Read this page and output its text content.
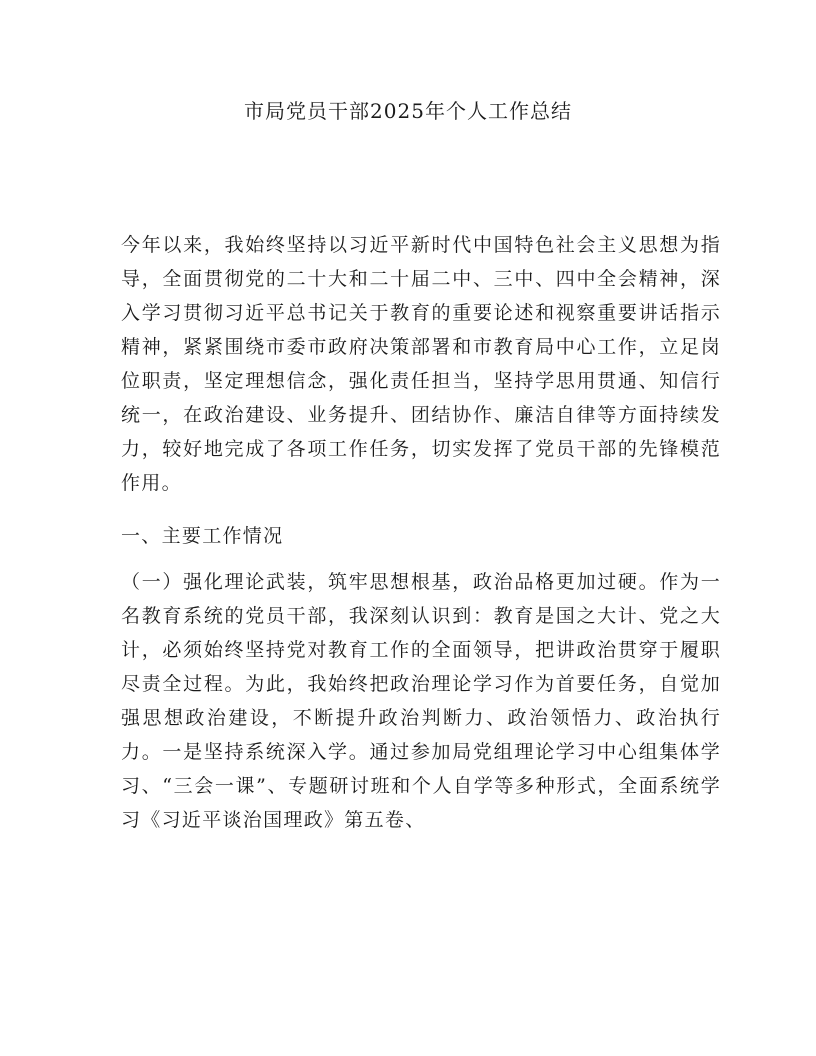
市局党员干部2025年个人工作总结

今年以来，我始终坚持以习近平新时代中国特色社会主义思想为指导，全面贯彻党的二十大和二十届二中、三中、四中全会精神，深入学习贯彻习近平总书记关于教育的重要论述和视察重要讲话指示精神，紧紧围绕市委市政府决策部署和市教育局中心工作，立足岗位职责，坚定理想信念，强化责任担当，坚持学思用贯通、知信行统一，在政治建设、业务提升、团结协作、廉洁自律等方面持续发力，较好地完成了各项工作任务，切实发挥了党员干部的先锋模范作用。

一、主要工作情况

（一）强化理论武装，筑牢思想根基，政治品格更加过硬。作为一名教育系统的党员干部，我深刻认识到：教育是国之大计、党之大计，必须始终坚持党对教育工作的全面领导，把讲政治贯穿于履职尽责全过程。为此，我始终把政治理论学习作为首要任务，自觉加强思想政治建设，不断提升政治判断力、政治领悟力、政治执行力。一是坚持系统深入学。通过参加局党组理论学习中心组集体学习、“三会一课”、专题研讨班和个人自学等多种形式，全面系统学习《习近平谈治国理政》第五卷、
